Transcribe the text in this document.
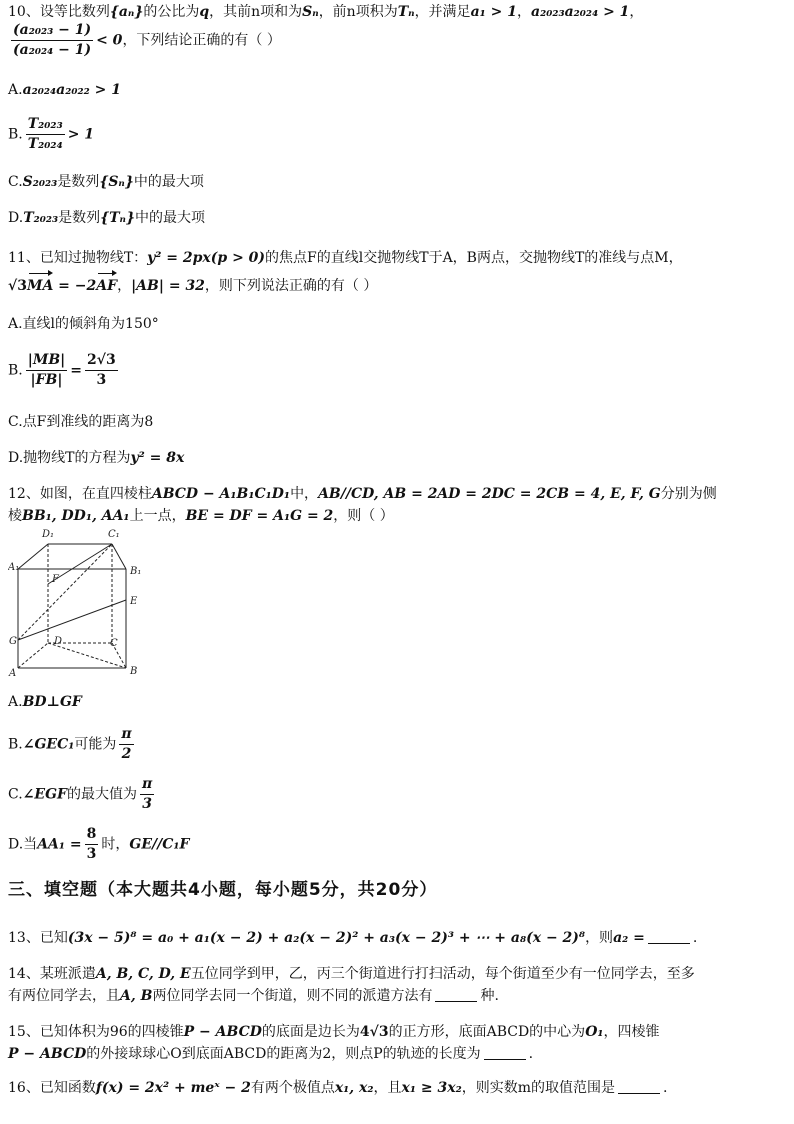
10、设等比数列{aₙ}的公比为q，其前n项和为Sₙ，前n项积为Tₙ，并满足a₁ > 1，a₂₀₂₃a₂₀₂₄ > 1，
$\frac{\text{(a₂₀₂₃ − 1)}}{\text{(a₂₀₂₄ − 1)}} < 0$，下列结论正确的有（ ）
A.a₂₀₂₄a₂₀₂₂ > 1
B. $\frac{\text{T₂₀₂₃}}{\text{T₂₀₂₄}} > 1$
C.S₂₀₂₃是数列{Sₙ}中的最大项
D.T₂₀₂₃是数列{Tₙ}中的最大项
11、已知过抛物线T：y² = 2px(p > 0)的焦点F的直线l交抛物线T于A，B两点，交抛物线T的准线与点M，
√3MA = −2AF，|AB| = 32，则下列说法正确的有（ ）
A.直线l的倾斜角为150°
B. $\frac{|MB|}{|FB|} = \frac{2√3}{3}$
C.点F到准线的距离为8
D.抛物线T的方程为y² = 8x
12、如图，在直四棱柱ABCD − A₁B₁C₁D₁中，AB//CD, AB = 2AD = 2DC = 2CB = 4, E, F, G分别为侧
棱BB₁, DD₁, AA₁上一点，BE = DF = A₁G = 2，则（ ）
D₁	C₁
A₁	B₁
F
E
G	D	C
A	B
A.BD⊥GF
B.∠GEC₁可能为 $\frac{\pi}{2}$
C.∠EGF的最大值为 $\frac{\pi}{3}$
D.当$AA_1 = \frac{8}{3}$ 时，GE//C₁F
三、填空题（本大题共4小题，每小题5分，共20分）
13、已知(3x − 5)⁸ = a₀ + a₁(x − 2) + a₂(x − 2)² + a₃(x − 2)³ + ⋯ + a₈(x − 2)⁸，则a₂ =	.
14、某班派遣A, B, C, D, E五位同学到甲，乙，丙三个街道进行打扫活动，每个街道至少有一位同学去，至多
有两位同学去，且A, B两位同学去同一个街道，则不同的派遣方法有	种.
15、已知体积为96的四棱锥P − ABCD的底面是边长为4√3的正方形，底面ABCD的中心为O₁，四棱锥
P − ABCD的外接球球心O到底面ABCD的距离为2，则点P的轨迹的长度为	.
16、已知函数f(x) = 2x² + meˣ − 2有两个极值点x₁, x₂，且x₁ ≥ 3x₂，则实数m的取值范围是	.
